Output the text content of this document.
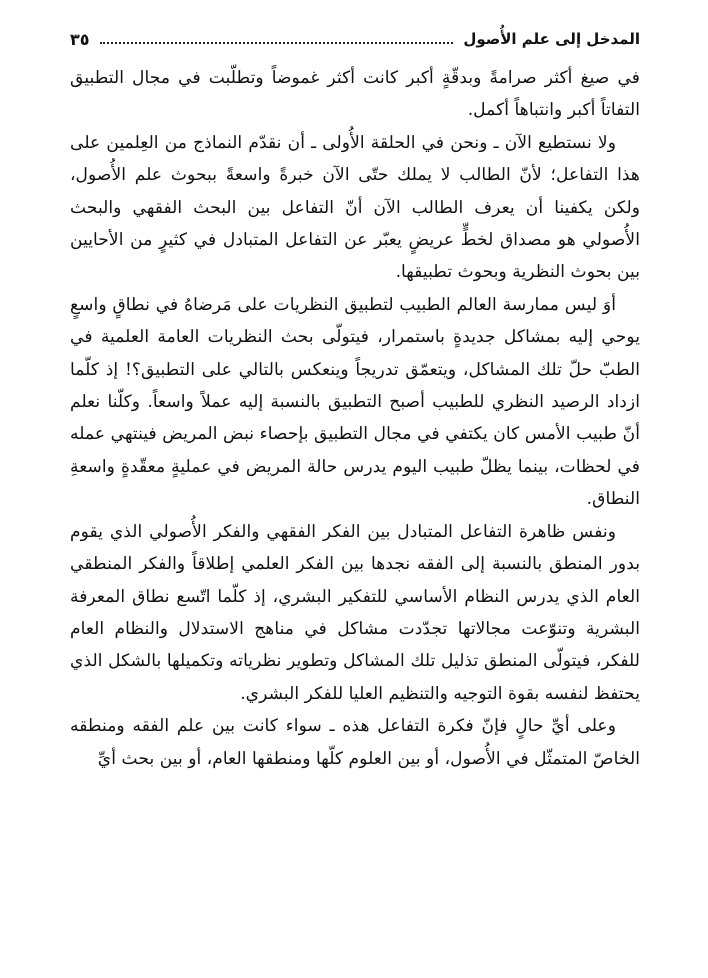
المدخل إلى علم الأُصول
٣٥

في صيغ أكثر صرامةً وبدقّةٍ أكبر كانت أكثر غموضاً وتطلّبت في مجال التطبيق التفاتاً أكبر وانتباهاً أكمل.

ولا نستطيع الآن ـ ونحن في الحلقة الأُولى ـ أن نقدّم النماذج من العِلمين على هذا التفاعل؛ لأنّ الطالب لا يملك حتّى الآن خبرةً واسعةً ببحوث علم الأُصول، ولكن يكفينا أن يعرف الطالب الآن أنّ التفاعل بين البحث الفقهي والبحث الأُصولي هو مصداق لخطٍّ عريضٍ يعبّر عن التفاعل المتبادل في كثيرٍ من الأحايين بين بحوث النظرية وبحوث تطبيقها.

أوَ ليس ممارسة العالم الطبيب لتطبيق النظريات على مَرضاهُ في نطاقٍ واسعٍ يوحي إليه بمشاكل جديدةٍ باستمرار، فيتولّى بحث النظريات العامة العلمية في الطبّ حلّ تلك المشاكل، ويتعمّق تدريجاً وينعكس بالتالي على التطبيق؟! إذ كلّما ازداد الرصيد النظري للطبيب أصبح التطبيق بالنسبة إليه عملاً واسعاً. وكلّنا نعلم أنّ طبيب الأمس كان يكتفي في مجال التطبيق بإحصاء نبض المريض فينتهي عمله في لحظات، بينما يظلّ طبيب اليوم يدرس حالة المريض في عمليةٍ معقّدةٍ واسعةِ النطاق.

ونفس ظاهرة التفاعل المتبادل بين الفكر الفقهي والفكر الأُصولي الذي يقوم بدور المنطق بالنسبة إلى الفقه نجدها بين الفكر العلمي إطلاقاً والفكر المنطقي العام الذي يدرس النظام الأساسي للتفكير البشري، إذ كلّما اتّسع نطاق المعرفة البشرية وتنوّعت مجالاتها تجدّدت مشاكل في مناهج الاستدلال والنظام العام للفكر، فيتولّى المنطق تذليل تلك المشاكل وتطوير نظرياته وتكميلها بالشكل الذي يحتفظ لنفسه بقوة التوجيه والتنظيم العليا للفكر البشري.

وعلى أيِّ حالٍ فإنّ فكرة التفاعل هذه ـ سواء كانت بين علم الفقه ومنطقه الخاصّ المتمثّل في الأُصول، أو بين العلوم كلّها ومنطقها العام، أو بين بحث أيِّ
